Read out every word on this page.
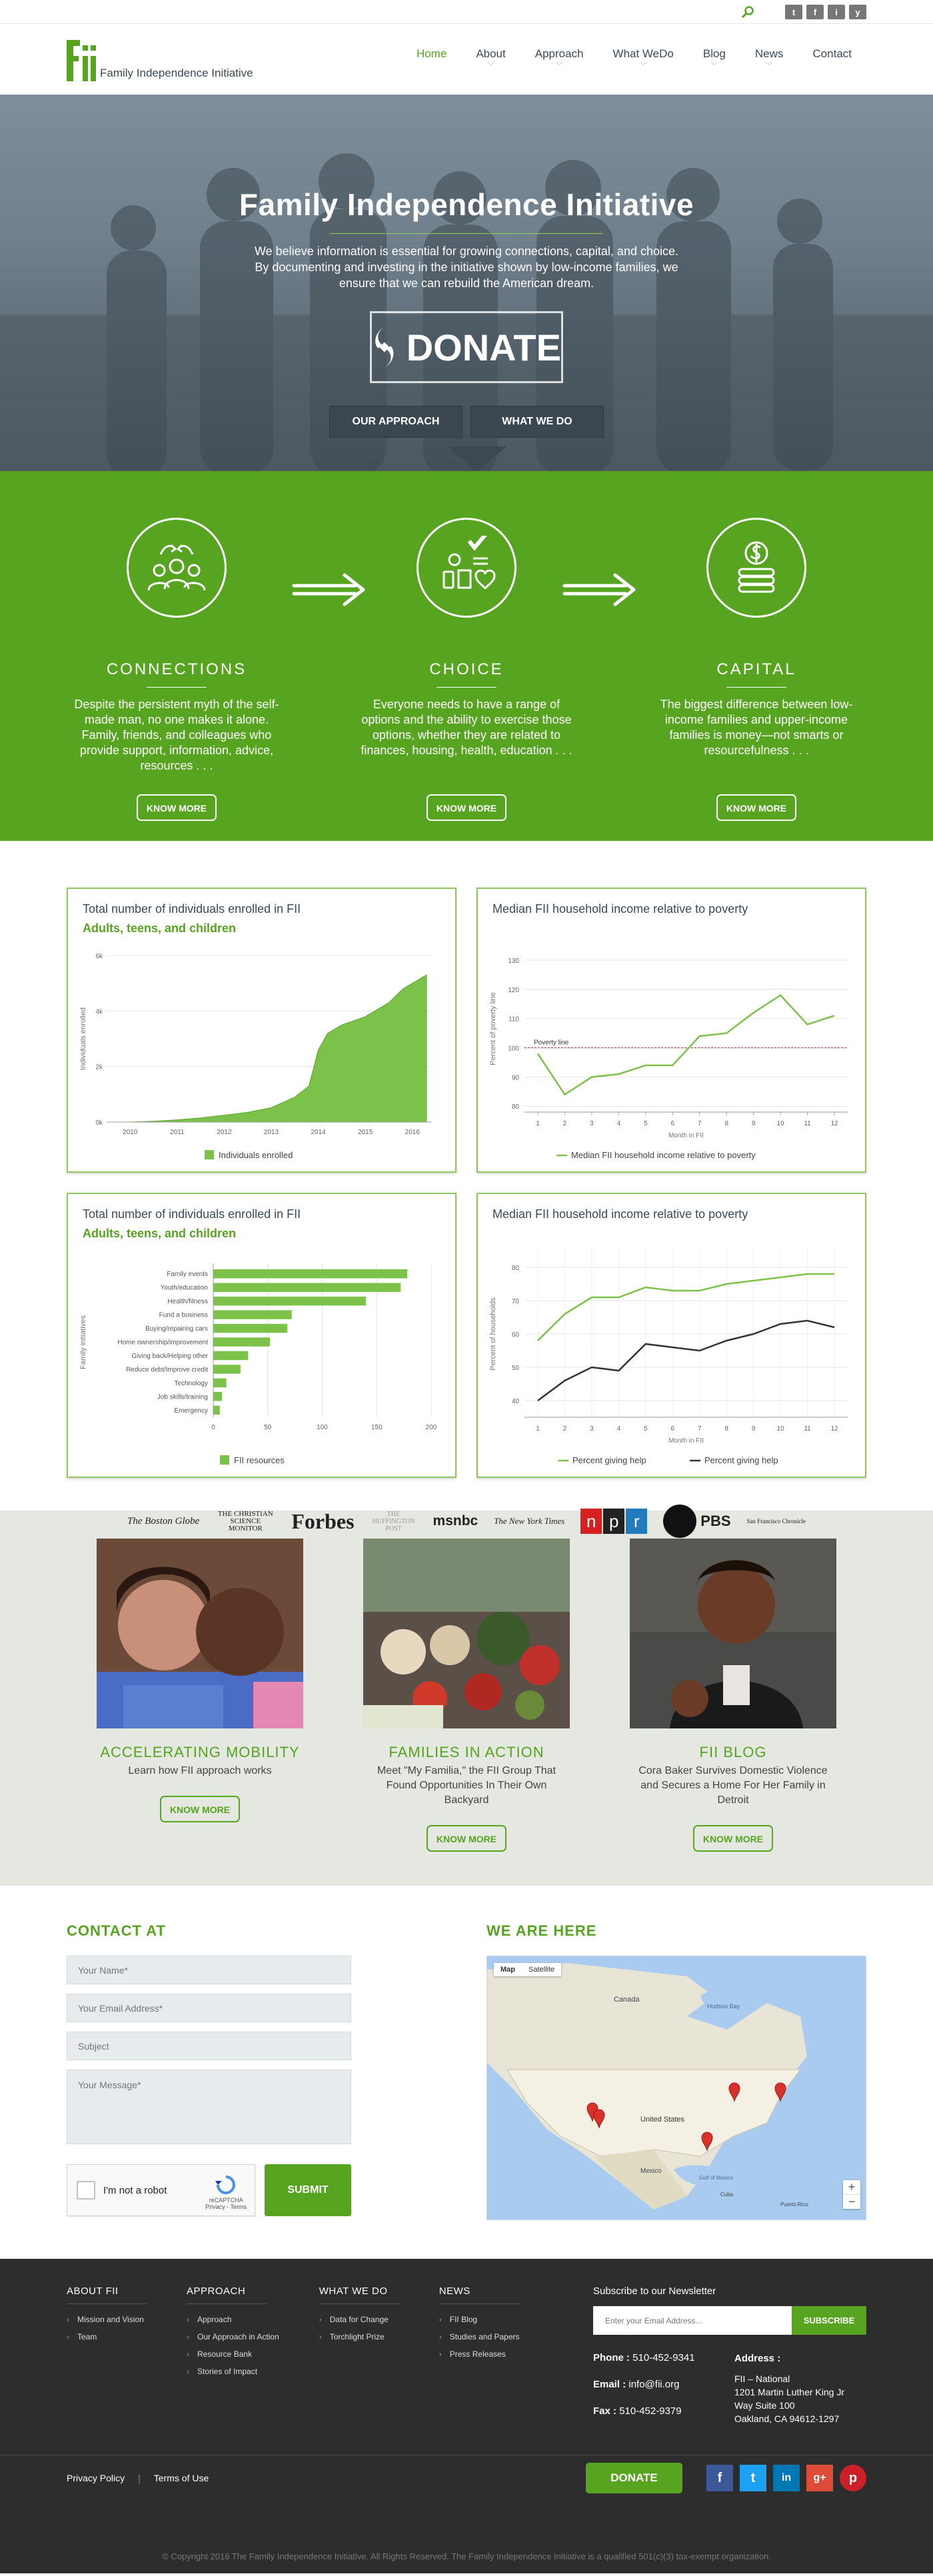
t	f	i	y
Family Independence Initiative
Home	About
﹀
Approach
﹀
What WeDo
﹀
Blog
﹀
News
﹀
Contact
Family Independence Initiative

We believe information is essential for growing connections, capital, and choice. By documenting and investing in the initiative shown by low-income families, we ensure that we can rebuild the American dream.

DONATE
OUR APPROACH	WHAT WE DO
CONNECTIONS

Despite the persistent myth of the self-made man, no one makes it alone. Family, friends, and colleagues who provide support, information, advice, resources . . .

KNOW MORE
CHOICE

Everyone needs to have a range of options and the ability to exercise those options, whether they are related to finances, housing, health, education . . .

KNOW MORE
CAPITAL

The biggest difference between low-income families and upper-income families is money—not smarts or resourcefulness . . .

KNOW MORE
Total number of individuals enrolled in FII
Adults, teens, and children
0k
2k
4k
6k
2010	2011	2012	2013	2014	2015	2016
Individuals enrolled
Individuals enrolled
Median FII household income relative to poverty
80
90
100
110
120
130
1	2	3	4	5	6	7	8	9	10	11	12
Poverty line
Percent of poverty line
Month in FII
Median FII household income relative to poverty
Total number of individuals enrolled in FII
Adults, teens, and children
0	50	100	150	200
Family events
Youth/education
Health/fitness
Fund a business
Buying/repairing cars
Home ownership/improvement
Giving back/Helping other
Reduce debt/Improve credit
Technology
Job skills/training
Emergency
Family initiatives
FII resources
Median FII household income relative to poverty
40
50
60
70
80
1	2	3	4	5	6	7	8	9	10	11	12
Percent of households
Month in FII
Percent giving help	Percent giving help
The Boston Globe
THE CHRISTIAN SCIENCE MONITOR	Forbes	THE HUFFINGTON POST	msnbc The New York Times	n p r	PBS	San Francisco Chronicle
ACCELERATING MOBILITY

Learn how FII approach works

KNOW MORE
FAMILIES IN ACTION

Meet "My Familia," the FII Group That Found Opportunities In Their Own Backyard

KNOW MORE
FII BLOG

Cora Baker Survives Domestic Violence and Secures a Home For Her Family in Detroit

KNOW MORE
CONTACT AT
Your Name*
Your Email Address*
Subject
Your Message*
I'm not a robot
reCAPTCHA
Privacy - Terms
SUBMIT
WE ARE HERE
Map	Satellite
Canada
Hudson Bay
United States
Mexico
Gulf of Mexico
Cuba
Puerto Rico
+
−
ABOUT FII
› Mission and Vision
› Team
APPROACH
› Approach
› Our Approach in Action
› Resource Bank
› Stories of Impact
WHAT WE DO
› Data for Change
› Torchlight Prize
NEWS
› FII Blog
› Studies and Papers
› Press Releases
Subscribe to our Newsletter
Enter your Email Address...	SUBSCRIBE
Phone : 510-452-9341
Email : info@fii.org
Fax : 510-452-9379
Address :
FII – National
1201 Martin Luther King Jr
Way Suite 100
Oakland, CA 94612-1297
Privacy Policy | Terms of Use	DONATE	f	t	in	g+	p
© Copyright 2016 The Family Independence Initiative. All Rights Reserved. The Family Independence Initiative is a qualified 501(c)(3) tax-exempt organization.
